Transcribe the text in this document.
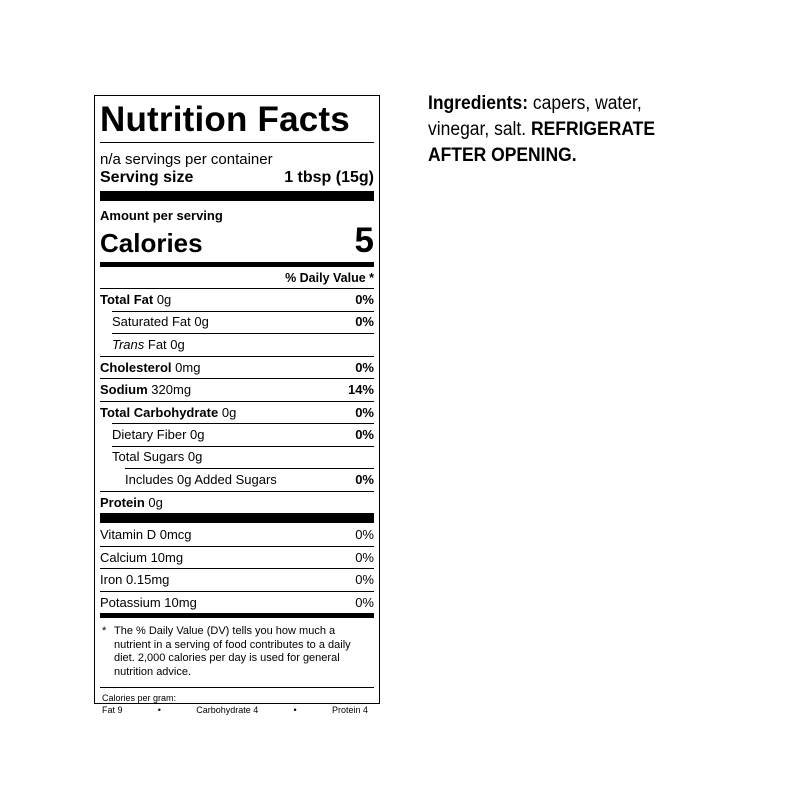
Nutrition Facts
n/a servings per container
Serving size	1 tbsp (15g)
Amount per serving
Calories	5
% Daily Value *
Total Fat 0g	0%
Saturated Fat 0g	0%
Trans Fat 0g
Cholesterol 0mg	0%
Sodium 320mg	14%
Total Carbohydrate 0g	0%
Dietary Fiber 0g	0%
Total Sugars 0g
Includes 0g Added Sugars	0%
Protein 0g
Vitamin D 0mcg	0%
Calcium 10mg	0%
Iron 0.15mg	0%
Potassium 10mg	0%
* The % Daily Value (DV) tells you how much a nutrient in a serving of food contributes to a daily diet. 2,000 calories per day is used for general nutrition advice.
Calories per gram:
Fat 9	•	Carbohydrate 4	•	Protein 4
Ingredients: capers, water, vinegar, salt. REFRIGERATE AFTER OPENING.
